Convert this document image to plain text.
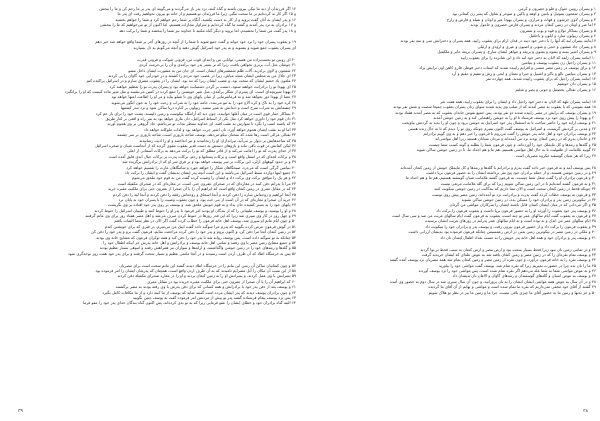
۱۴ اگر فرزندان از دید ما نیکی بیرون باشند و گناه کنند، نزد پدر باز می‌گردند و می‌گویند ای پدر بر ما رحم کن و ما را ببخش
و ۱۵ اگر کار بد کرده‌ایم بر ما سخت مگیر، زیرا ما فرزندان تو هستیم و از خانه تو بیرون نخواهیم رفت ای پدر ما
۱۶ و پدر ایشان به آنان گفت بروید و از کار بد دست بکشید، آنگاه بر شما رحم خواهم کرد و شما را خواهم بخشید
و ۱۷ برادران به نزد پدر آمدند و گفتند ما گناه کرده‌ایم و سزاوار مجازات هستیم، اما اکنون از تو می‌خواهیم که ما را ببخشی
و ۱۸ پدر گفت من شما را بخشیدم، اما بروید و دیگر گناه مکنید تا خداوند نیز شما را ببخشد و شما را برکت دهد
۱۹ و یعقوب پسران خود را نزد خود خواند و گفت جمع شوید تا شما را از آنچه در روزهای آخر بر شما واقع خواهد شد خبر دهم
ای پسران یعقوب جمع شوید و بشنوید و به پدر خود اسرائیل گوش دهید و آنچه می‌گویم به دل بسپارید
۲۰ ای روبین تو نخست‌زاده من هستی، توانایی من و ابتدای قوت من، فزونی شوکت و فزونی قدرت
۲۱ جوشان مثل آب، برتری نخواهی یافت، زیرا که بر بستر پدر خود برآمدی و آن را بی‌حرمت کردی
۲۲ شمعون و لاوی برادرند، آلات ظلم شمشیرهای ایشان است، ای جان من به مشورت ایشان داخل مشو
۲۳ ای جلال من به مجلس ایشان متحد مباش، زیرا در غضب خود مردم را کشتند و در خودرأیی خود گاوان را پی کردند
۲۴ ملعون باد خشم ایشان که سخت بود، و غضب ایشان زیرا که تند بود، ایشان را در یعقوب متفرق سازم و در اسرائیل پراکنده کنم
۲۵ ای یهودا تو را برادرانت خواهند ستود، دستت بر گردن دشمنانت خواهد بود و پسران پدرت تو را تعظیم خواهند کرد
۲۶ یهودا شیربچه‌ای است، ای پسرم از شکار برآمدی، مثل شیر خويشتن را جمع کرده در کمین می‌نشیند و مثل شیر ماده کیست که او را برانگیزد
۲۷ عصا از یهودا دور نخواهد شد و نه فرمانفرمایی از میان پایهای وی تا شیلو بیاید و مر او را اطاعت امتها خواهد بود
۲۸ کره خود را به تاک و کره الاغ خود را به مو می‌بندد، جامه خود را به شراب و رخت خود را به خون انگور می‌شوید
۲۹ چشمانش به شراب سرخ است و دندانش به شیر سفید، زبولون بر کناره دریا ساکن شود و نزد بندر کشتیها
۳۰ یساکار حمار قوی است در میان آغلها خوابیده، چون دید که آرامگاه نیکوست و زمین دلپسند، پشت خود را برای بار خم کرد
۳۱ دان قوم خود را داوری خواهد کرد مثل یکی از اسباط اسرائیل، دان ماری خواهد بود به سر راه و افعی بر کنار طریق
۳۲ که پاشنه اسب را بگزد تا سوارش به عقب افتد، ای خداوند منتظر نجات تو می‌باشم، جاد گروهی بر وی هجوم آورند
۳۳ اما او به عقب ایشان هجوم خواهد آورد، نان اشیر چرب خواهد بود و لذات ملوکانه خواهد داد
۳۴ نفتالی غزالی است رها شده که سخنان نیکو می‌دهد، یوسف شاخه باروری است، شاخه باروری بر سر چشمه
۳۵ که شاخه‌هایش بر دیوار بر می‌آید، تیراندازان او را رنجانیدند و تیر انداختند و او را اذیت رسانیدند
۳۶ لیکن کمانش در قوت باقی ماند و بازوهای دستش به دست قدیر یعقوب مقوی گردید که از آنجاست شبان و صخره اسرائیل
۳۷ از خدای پدرت که تو را اعانت می‌کند و از قادر مطلق که تو را برکت می‌دهد به برکات آسمانی از اعلی
۳۸ و برکات لجه‌ای که در اسفل واقع است و برکات پستانها و رحم، برکات پدرت بر برکات جبال ابدی فایق آمده است
۳۹ و بر حدود کوههای ازلی، این برکات بر سر یوسف خواهد بود و بر فرق سر او که از برادرانش برگزیده شد
۴۰ بنیامین گرگی است که می‌درد، صبحگاهان شکار را خواهد خورد و شامگاهان غارت را تقسیم خواهد کرد
۴۱ جمیع اینها دوازده سبط اسرائیل می‌باشند و این است آنچه پدر ایشان بدیشان گفت و ایشان را برکت داد
۴۲ و هر یک را موافق برکت وی برکت داد و ایشان را وصیت کرده گفت من به قوم خود ملحق می‌شوم
۴۳ مرا با پدرانم دفن کنید در مغاره‌ای که در صحرای عفرون حتی است، در مغاره‌ای که در صحرای مکفیله است
۴۴ که در مقابل ممری در زمین کنعان واقع است که ابراهیم آن را با آن صحرا از عفرون حتی برای ملکیت مقبره خرید
۴۵ آنجا ابراهیم و زوجه‌اش ساره را دفن کردند و آنجا اسحاق و زوجه‌اش رفقه را دفن کردند و آنجا لیه را دفن کردم
۴۶ خرید آن صحرا و مغاره‌ای که در آن است از بنی حت بود، و چون یعقوب وصیت را با پسران خود به پایان برد
۴۷ پایهای خود را به بستر کشیده جان بداد و به قوم خویش ملحق شد، و یوسف بر روی پدر خود افتاده بر وی بگریست
۴۸ و او را بوسید، و یوسف طبیبانی را که از بندگان او بودند امر فرمود تا پدر او را حنوط کنند و طبیبان اسرائیل را حنوط کردند
۴۹ و چهل روز در کار وی سپری شد زیرا که این قدر روزها در حنوط کردن صرف می‌شد و اهل مصر هفتاد روز برای وی ماتم گرفتند
۵۰ و چون ایام ماتم او سپری شد، یوسف اهل خانه فرعون را خطاب کرده گفت اگر الان در نظر شما التفات یافتم
۵۱ در گوش فرعون عرض کرده بگویید که پدرم مرا سوگند داده گفت اینک من می‌میرم، در قبری که برای خویشتن کندم
۵۲ در زمین کنعان آنجا مرا دفن کن، و اکنون بروم و پدر خود را دفن کرده مراجعت نمایم، فرعون گفت برو و پدر خود را دفن کن
۵۳ چنانکه به تو سوگند داده است، پس یوسف روانه شد تا پدر خود را دفن کند و همه نوکران فرعون که مشایخ خانه وی بودند
۵۴ و جمیع مشایخ زمین مصر با وی رفتند و تمامی اهل خانه یوسف و برادرانش و اهل خانه پدرش جز اینکه اطفال خود را
۵۵ و گله‌ها و رمه‌های خود را در زمین جوشن واگذاشتند، و ارابه‌ها و سواران نیز همراهش رفتند و انبوهی بسیار عظیم بودند
۵۶ پس به خرمنگاه اطاد که آن طرف اردن است رسیدند و در آنجا ماتمی عظیم و بسیار سخت گرفتند و برای پدر خود هفت روز نوحه‌گری نمود
۵۷ و چون کنعانیان ساکن آن زمین این ماتم را در خرمنگاه اطاد دیدند گفتند این ماتم سخت است برای مصریان
۵۸ از این سبب آن مکان را آبل مصرایم نامیدند که به آن طرف اردن واقع است، همچنان که پدرشان ایشان را امر فرموده بود
۵۹ پسرانش با وی عمل کردند، و پسرانش او را به زمین کنعان بردند و او را در مغاره صحرای مکفیله دفن کردند
۶۰ که ابراهیم آن را با آن صحرا از عفرون حتی برای ملکیت مقبره خریده بود در مقابل ممری
۶۱ و یوسف بعد از دفن پدر خود با برادرانش و همه کسانی که برای دفن پدرش با وی رفته بودند به مصر برگشتند
۶۲ و چون برادران یوسف دیدند که پدر ایشان مرده است گفتند شاید که یوسف از ما کینه دارد و از ما مکافات کامل بگیرد
۶۳ پس نزد یوسف پیغام فرستاده گفتند پدر تو پیش از مردنش امر فرموده گفت به یوسف چنین بگویید
۶۴ البته گناه برادران خود و خطای ایشان را عفو فرمایی زیرا که به تو بدی کرده‌اند، پس اکنون گناه بندگان خدای پدر خود را عفو فرما
۳۹
۱ و پسران روبین حنوک و فلو و حصرون و کرمی
۲ و پسران شمعون یموئیل و یامین و اوهد و یاکین و صوحر و شاول که پسر زن کنعانی بود
۳ و پسران لاوی جرشون و قهات و مراری، و پسران یهودا عیر و اونان و شیله و فارص و زارح
۴ اما عیر و اونان در زمین کنعان مردند و پسران فارص حصرون و حامول بودند
۵ و پسران یساکار تولاع و فوه و یوب و شمرون
۶ و پسران زبولون سارد و ایلون و یاحلئیل
۷ اینانند پسران لیه که آنها را با دختر خود دینه در فدان ارام برای یعقوب زایید، همه پسران و دخترانش سی و سه نفر بودند
۸ و پسران جاد صفیون و حجی و شونی و اصبون و عیری و ارودی و ارئیلی
۹ و پسران اشیر یمنه و یشوه و یشوی و بریعه و خواهر ایشان سارح، و پسران بریعه حابر و ملکیئیل
۱۰ اینانند پسران زلفه که لابان به دختر خود لیه داد و این شانزده را برای یعقوب زایید
۱۱ و پسران راحیل زن یعقوب یوسف و بنیامین
۱۲ و برای یوسف در زمین مصر منسی و افرایم زاییده شدند که اسنات دختر فوطی فارع کاهن اون برایش بزاد
۱۳ و پسران بنیامین بالع و باکر و اشبیل و جیرا و نعمان و ایحی و رش و مفیم و حفیم و آرد
۱۴ اینانند پسران راحیل که برای یعقوب زاییده شدند، همه چهارده نفر
۱۵ و پسران دان حوشیم
۱۶ و پسران نفتالی یحصئیل و جونی و یصر و شلیم
۱۷ اینانند پسران بلهه که لابان به دختر خود راحیل داد و ایشان را برای یعقوب زایید، همه هفت نفر
۱۸ همه نفوسی که با یعقوب به مصر آمدند که از صلب وی پدید شدند سوای زنان پسران یعقوب جمیعا شصت و شش نفر بودند
۱۹ و پسران یوسف که برایش در مصر زاییده شدند دو نفر بودند، پس جمیع نفوس خاندان یعقوب که به مصر آمدند هفتاد بودند
۲۰ و یهودا را پیش روی خود نزد یوسف فرستاد تا او را به جوشن راهنمایی کند و به زمین جوشن آمدند
۲۱ و یوسف ارابه خود را حاضر ساخت تا به استقبال پدر خود اسرائیل به جوشن برود و چون او را بدید به گردنش بیاویخت
۲۲ و مدتی بر گردنش گریست، و اسرائیل به یوسف گفت اکنون بمیرم چونکه روی تو را دیدم که تا به حال زنده هستی
۲۳ و یوسف برادران خود و اهل خانه پدر خویش را گفت می‌روم تا فرعون را خبر دهم و به وی گویم برادرانم
۲۴ و خاندان پدرم که در زمین کنعان بودند نزد من آمده‌اند و مردان شبانان هستند زیرا اهل مواشی‌اند
۲۵ و گله‌ها و رمه‌ها و کل مایملک خود را آورده‌اند، و چون فرعون شما را بطلبد و گوید کسب شما چیست
۲۶ گویید غلامانت از طفولیت تا به حال اهل مواشی هستیم، هم ما و هم اجداد ما، تا در زمین جوشن ساکن شوید
۲۷ زیرا که هر شبان گوسفند مکروه مصریان است
۲۸ پس یوسف آمد و به فرعون خبر داده گفت پدرم و برادرانم با گله‌ها و رمه‌ها و کل مایملک خویش از زمین کنعان آمده‌اند
۲۹ و در زمین جوشن هستند، و از جمله برادران خود پنج نفر برداشته ایشان را به حضور فرعون برپا داشت
۳۰ و فرعون برادران او را گفت شغل شما چیست، به فرعون گفتند غلامانت شبان گوسفند هستیم، هم ما و هم اجداد ما
۳۱ و به فرعون گفتند آمده‌ایم تا در این زمین ساکن شویم زیرا که برای گله غلامانت مرتعی نیست
۳۲ چونکه قحط در زمین کنعان سخت است و الان تمنا داریم که بندگانت در زمین جوشن سکونت کنند
۳۳ و فرعون به یوسف خطاب کرده گفت پدرت و برادرانت نزد تو آمده‌اند، زمین مصر پیش روی توست
۳۴ در نیکوترین زمین پدر و برادران خود را مسکن بده، در زمین جوشن ساکن بشوند
۳۵ و اگر می‌دانی که در میان ایشان کسان قابل باشند ایشان را سرکاران مواشی من گردان
۳۶ و یوسف پدر خود یعقوب را آورده او را به حضور فرعون برپا داشت و یعقوب فرعون را برکت داد
۳۷ و فرعون به یعقوب گفت ایام سالهای عمر تو چند است، یعقوب به فرعون گفت ایام سالهای غربت من صد و سی سال است
۳۸ ایام سالهای عمر من اندک و بد بوده است و به ایام سالهای عمر پدرانم در روزهای غربت ایشان نرسیده
۳۹ و یعقوب فرعون را برکت داد و از حضور فرعون بیرون رفت، و یوسف پدر و برادران خود را سکونت داد
۴۰ و ملکی در زمین مصر در نیکوترین زمین یعنی در ارض رعمسیس چنانکه فرعون فرموده بود بدیشان ارزانی داشت
۴۱ و یوسف پدر و برادران خود و همه اهل خانه پدر خویش را به حسب تعداد اطفال ایشان نان داد
۴۲ و در تمامی زمین نان نبود زیرا قحط بسیار سخت بود و ارض مصر و ارض کنعان به سبب قحط بی‌نوا گردید
۴۳ و یوسف تمام نقره‌ای را که در زمین مصر و زمین کنعان یافته شد به عوض غله‌ای که ایشان خریدند گرفت
۴۴ و یوسف نقره را به خانه فرعون درآورد، و چون نقره از زمین مصر و زمین کنعان تمام شد همه مصریان نزد یوسف آمده گفتند
۴۵ ما را نان بده چرا در حضورت بمیریم زیرا که نقره تمام شد، یوسف گفت مواشی خود را بیاورید
۴۶ و به عوض مواشی شما به شما غله می‌دهم اگر نقره تمام شده است، پس مواشی خود را نزد یوسف آوردند
۴۷ و یوسف به عوض اسبان و گله‌های گوسفندان و رمه‌های گاوان و الاغان نان بدیشان داد
۴۸ و در آن سال به عوض همه مواشی ایشان ایشان را به نان پرورانید، و چون آن سال سپری شد در سال دوم به حضور وی آمده
۴۹ گفتند از آقای خود مخفی نمی‌داریم که نقره ما تمام شده است و مواشی و بهایم از آن آقای ما گردیده
۵۰ و جز بدنها و زمین ما به حضور آقای ما چیزی باقی نیست، چرا ما و زمین ما نیز در نظر تو هلاک شویم
۳۸
